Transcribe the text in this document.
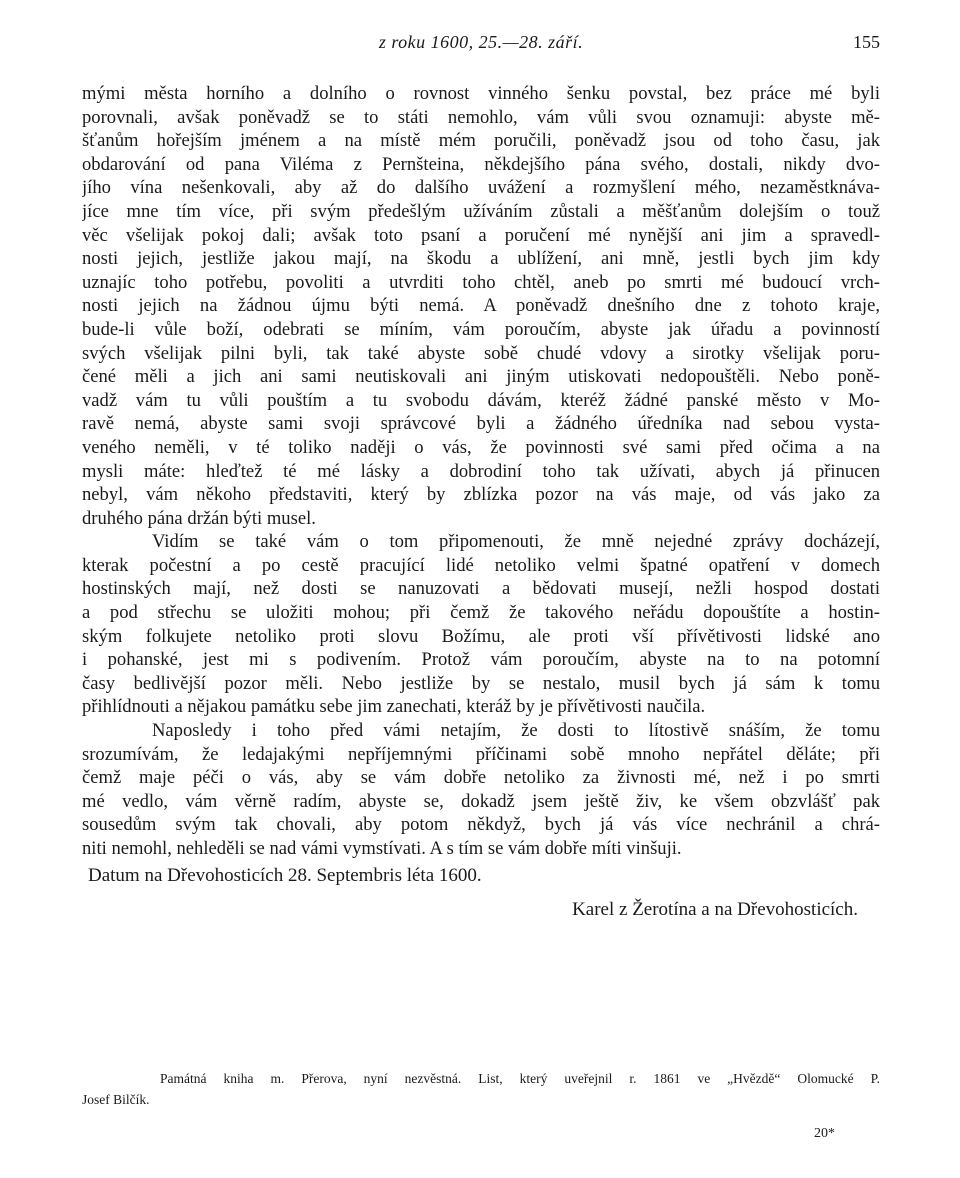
z roku 1600, 25.—28. září.	155
mými města horního a dolního o rovnost vinného šenku povstal, bez práce mé byli
porovnali, avšak poněvadž se to státi nemohlo, vám vůli svou oznamuji: abyste mě-
šťanům hořejším jménem a na místě mém poručili, poněvadž jsou od toho času, jak
obdarování od pana Viléma z Pernšteina, někdejšího pána svého, dostali, nikdy dvo-
jího vína nešenkovali, aby až do dalšího uvážení a rozmyšlení mého, nezaměstknáva-
jíce mne tím více, při svým předešlým užíváním zůstali a měšťanům dolejším o touž
věc všelijak pokoj dali; avšak toto psaní a poručení mé nynější ani jim a spravedl-
nosti jejich, jestliže jakou mají, na škodu a ublížení, ani mně, jestli bych jim kdy
uznajíc toho potřebu, povoliti a utvrditi toho chtěl, aneb po smrti mé budoucí vrch-
nosti jejich na žádnou újmu býti nemá. A poněvadž dnešního dne z tohoto kraje,
bude-li vůle boží, odebrati se míním, vám poroučím, abyste jak úřadu a povinností
svých všelijak pilni byli, tak také abyste sobě chudé vdovy a sirotky všelijak poru-
čené měli a jich ani sami neutiskovali ani jiným utiskovati nedopouštěli. Nebo poně-
vadž vám tu vůli pouštím a tu svobodu dávám, kteréž žádné panské město v Mo-
ravě nemá, abyste sami svoji správcové byli a žádného úředníka nad sebou vysta-
veného neměli, v té toliko naději o vás, že povinnosti své sami před očima a na
mysli máte: hleďtež té mé lásky a dobrodiní toho tak užívati, abych já přinucen
nebyl, vám někoho představiti, který by zblízka pozor na vás maje, od vás jako za
druhého pána držán býti musel.
Vidím se také vám o tom připomenouti, že mně nejedné zprávy docházejí,
kterak počestní a po cestě pracující lidé netoliko velmi špatné opatření v domech
hostinských mají, než dosti se nanuzovati a bědovati musejí, nežli hospod dostati
a pod střechu se uložiti mohou; při čemž že takového neřádu dopouštíte a hostin-
ským folkujete netoliko proti slovu Božímu, ale proti vší přívětivosti lidské ano
i pohanské, jest mi s podivením. Protož vám poroučím, abyste na to na potomní
časy bedlivější pozor měli. Nebo jestliže by se nestalo, musil bych já sám k tomu
přihlídnouti a nějakou památku sebe jim zanechati, kteráž by je přívětivosti naučila.
Naposledy i toho před vámi netajím, že dosti to lítostivě snáším, že tomu
srozumívám, že ledajakými nepříjemnými příčinami sobě mnoho nepřátel děláte; při
čemž maje péči o vás, aby se vám dobře netoliko za živnosti mé, než i po smrti
mé vedlo, vám věrně radím, abyste se, dokadž jsem ještě živ, ke všem obzvlášť pak
sousedům svým tak chovali, aby potom někdyž, bych já vás více nechránil a chrá-
niti nemohl, nehleděli se nad vámi vymstívati. A s tím se vám dobře míti vinšuji.
Datum na Dřevohosticích 28. Septembris léta 1600.
Karel z Žerotína a na Dřevohosticích.
Památná kniha m. Přerova, nyní nezvěstná. List, který uveřejnil r. 1861 ve „Hvězdě“ Olomucké P.
Josef Bilčík.
20*
